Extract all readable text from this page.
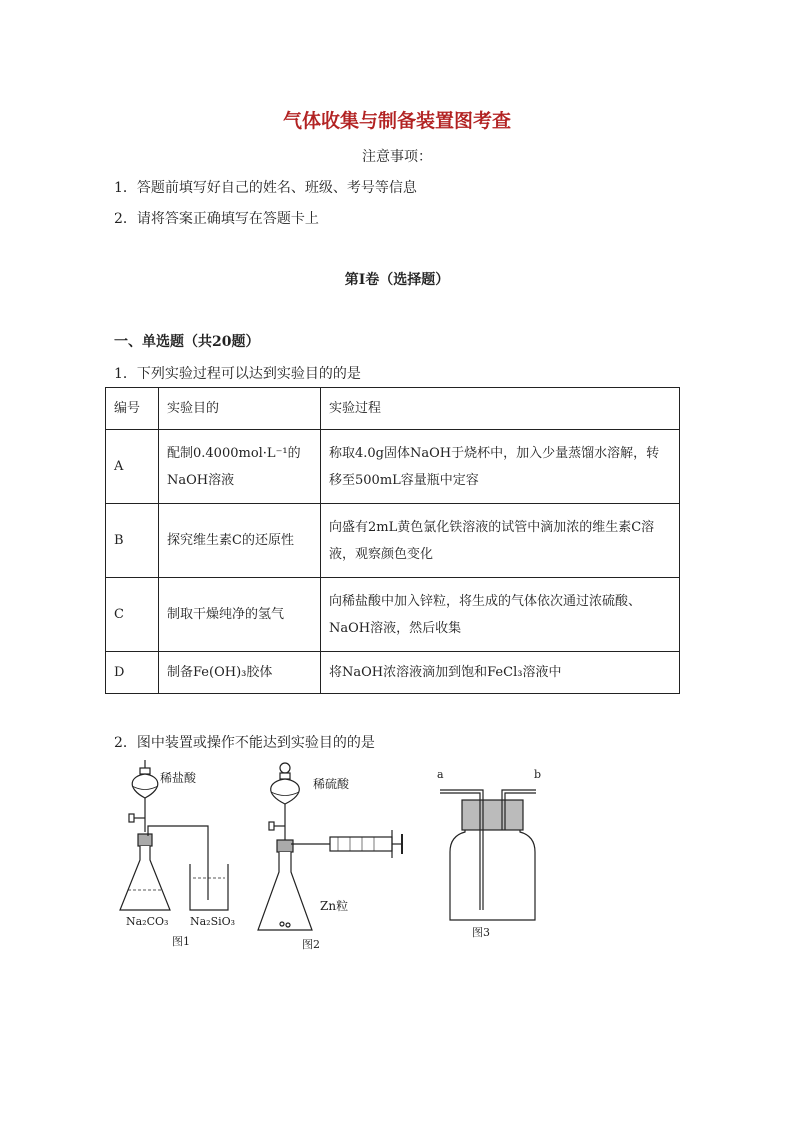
气体收集与制备装置图考查
注意事项：
1．答题前填写好自己的姓名、班级、考号等信息
2．请将答案正确填写在答题卡上
第I卷（选择题）
一、单选题（共20题）
1．下列实验过程可以达到实验目的的是
编号	实验目的	实验过程
A	配制0.4000mol·L⁻¹的NaOH溶液	称取4.0g固体NaOH于烧杯中，加入少量蒸馏水溶解，转移至500mL容量瓶中定容
B	探究维生素C的还原性	向盛有2mL黄色氯化铁溶液的试管中滴加浓的维生素C溶液，观察颜色变化
C	制取干燥纯净的氢气	向稀盐酸中加入锌粒，将生成的气体依次通过浓硫酸、NaOH溶液，然后收集
D	制备Fe(OH)₃胶体	将NaOH浓溶液滴加到饱和FeCl₃溶液中
2．图中装置或操作不能达到实验目的的是
稀盐酸
Na₂CO₃ Na₂SiO₃
图1
稀硫酸
Zn粒
图2
a	b
图3
